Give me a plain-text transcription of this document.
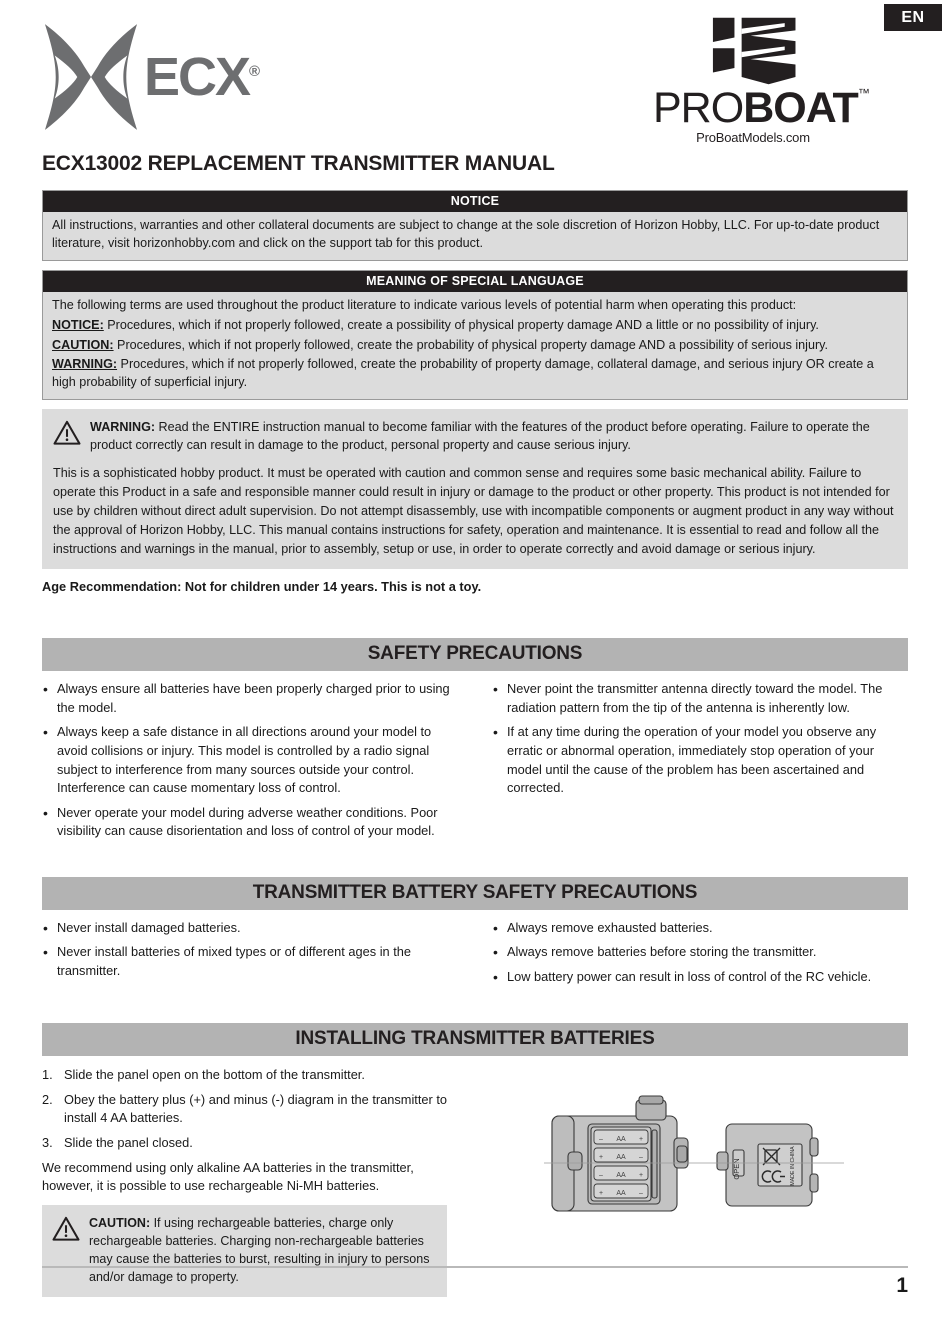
EN
ECX®
PROBOAT™
ProBoatModels.com
ECX13002 REPLACEMENT TRANSMITTER MANUAL
NOTICE

All instructions, warranties and other collateral documents are subject to change at the sole discretion of Horizon Hobby, LLC. For up-to-date product literature, visit horizonhobby.com and click on the support tab for this product.

MEANING OF SPECIAL LANGUAGE

The following terms are used throughout the product literature to indicate various levels of potential harm when operating this product:

NOTICE: Procedures, which if not properly followed, create a possibility of physical property damage AND a little or no possibility of injury.

CAUTION: Procedures, which if not properly followed, create the probability of physical property damage AND a possibility of serious injury.

WARNING: Procedures, which if not properly followed, create the probability of property damage, collateral damage, and serious injury OR create a high probability of superficial injury.

WARNING: Read the ENTIRE instruction manual to become familiar with the features of the product before operating. Failure to operate the product correctly can result in damage to the product, personal property and cause serious injury.

This is a sophisticated hobby product. It must be operated with caution and common sense and requires some basic mechanical ability. Failure to operate this Product in a safe and responsible manner could result in injury or damage to the product or other property. This product is not intended for use by children without direct adult supervision. Do not attempt disassembly, use with incompatible components or augment product in any way without the approval of Horizon Hobby, LLC. This manual contains instructions for safety, operation and maintenance. It is essential to read and follow all the instructions and warnings in the manual, prior to assembly, setup or use, in order to operate correctly and avoid damage or serious injury.

Age Recommendation: Not for children under 14 years. This is not a toy.
SAFETY PRECAUTIONS
• Always ensure all batteries have been properly charged prior to using the model.
• Always keep a safe distance in all directions around your model to avoid collisions or injury. This model is controlled by a radio signal subject to interference from many sources outside your control. Interference can cause momentary loss of control.
• Never operate your model during adverse weather conditions. Poor visibility can cause disorientation and loss of control of your model.
• Never point the transmitter antenna directly toward the model. The radiation pattern from the tip of the antenna is inherently low.
• If at any time during the operation of your model you observe any erratic or abnormal operation, immediately stop operation of your model until the cause of the problem has been ascertained and corrected.
TRANSMITTER BATTERY SAFETY PRECAUTIONS
• Never install damaged batteries.
• Never install batteries of mixed types or of different ages in the transmitter.
• Always remove exhausted batteries.
• Always remove batteries before storing the transmitter.
• Low battery power can result in loss of control of the RC vehicle.
INSTALLING TRANSMITTER BATTERIES
Slide the panel open on the bottom of the transmitter.
Obey the battery plus (+) and minus (-) diagram in the transmitter to install 4 AA batteries.
Slide the panel closed.

We recommend using only alkaline AA batteries in the transmitter, however, it is possible to use rechargeable Ni-MH batteries.

CAUTION: If using rechargeable batteries, charge only rechargeable batteries. Charging non-rechargeable batteries may cause the batteries to burst, resulting in injury to persons and/or damage to property.

– AA +
+ AA –
– AA +
+ AA –
OPEN	MADE IN CHINA
1
